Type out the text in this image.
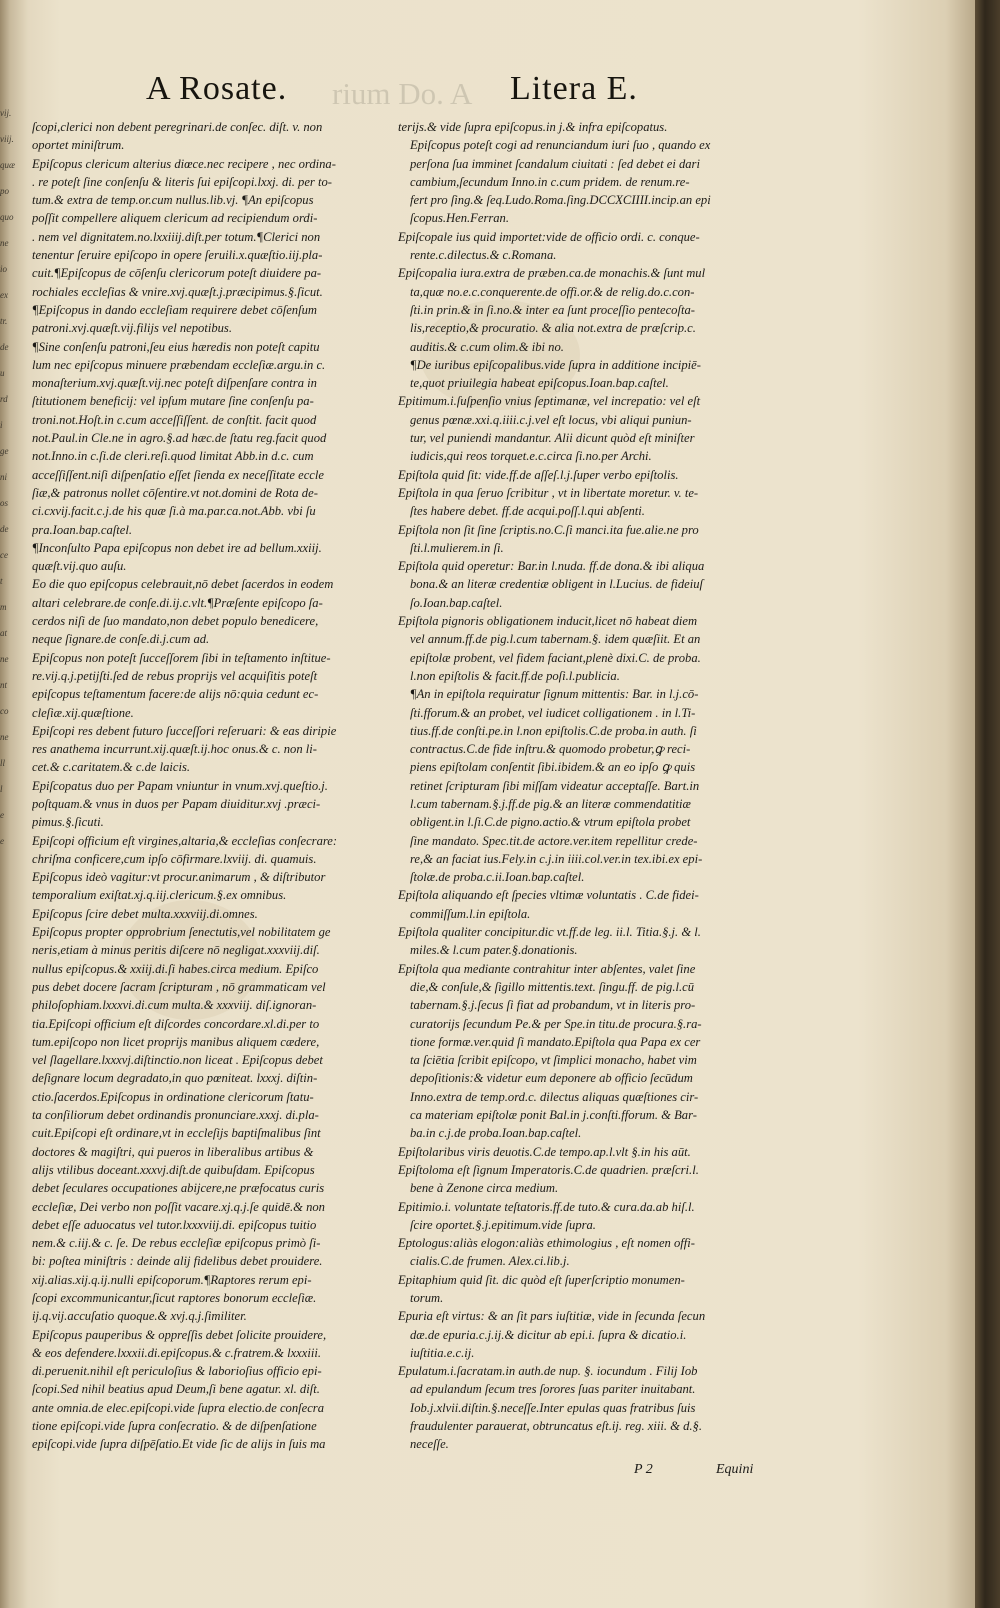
vij.
viij.
quæ
po
quo
ne
io
ex
tr.
de
u
rd
i
ge
ni
os
de
ce
t
m
at
ne
nt
co
ne
ll
l
e
e
A Rosate. rium Do. A Litera E.
ſcopi,clerici non debent peregrinari.de conſec. diſt. v. non
oportet miniſtrum.
Epiſcopus clericum alterius diœce.nec recipere , nec ordina-
. re poteſt ſine conſenſu & literis ſui epiſcopi.lxxj. di. per to-
tum.& extra de temp.or.cum nullus.lib.vj. ¶An epiſcopus
poſſit compellere aliquem clericum ad recipiendum ordi-
. nem vel dignitatem.no.lxxiiij.diſt.per totum.¶Clerici non
tenentur ſeruire epiſcopo in opere ſeruili.x.quæſtio.iij.pla-
cuit.¶Epiſcopus de cōſenſu clericorum poteſt diuidere pa-
rochiales eccleſias & vnire.xvj.quæſt.j.præcipimus.§.ſicut.
¶Epiſcopus in dando eccleſiam requirere debet cōſenſum
patroni.xvj.quæſt.vij.filijs vel nepotibus.
¶Sine conſenſu patroni,ſeu eius hæredis non poteſt capitu
lum nec epiſcopus minuere præbendam eccleſiæ.argu.in c.
monaſterium.xvj.quæſt.vij.nec poteſt diſpenſare contra in
ſtitutionem beneficij: vel ipſum mutare ſine conſenſu pa-
troni.not.Hoſt.in c.cum acceſſiſſent. de conſtit. facit quod
not.Paul.in Cle.ne in agro.§.ad hæc.de ſtatu reg.facit quod
not.Inno.in c.ſi.de cleri.reſi.quod limitat Abb.in d.c. cum
acceſſiſſent.niſi diſpenſatio eſſet ſienda ex neceſſitate eccle
ſiæ,& patronus nollet cōſentire.vt not.domini de Rota de-
ci.cxvij.facit.c.j.de his quæ ſi.à ma.par.ca.not.Abb. vbi ſu
pra.Ioan.bap.caſtel.
¶Inconſulto Papa epiſcopus non debet ire ad bellum.xxiij.
quæſt.vij.quo auſu.
Eo die quo epiſcopus celebrauit,nō debet ſacerdos in eodem
altari celebrare.de conſe.di.ij.c.vlt.¶Præſente epiſcopo ſa-
cerdos niſi de ſuo mandato,non debet populo benedicere,
neque ſignare.de conſe.di.j.cum ad.
Epiſcopus non poteſt ſucceſſorem ſibi in teſtamento inſtitue-
re.vij.q.j.petijſti.ſed de rebus proprijs vel acquiſitis poteſt
epiſcopus teſtamentum facere:de alijs nō:quia cedunt ec-
cleſiæ.xij.quæſtione.
Epiſcopi res debent futuro ſucceſſori reſeruari: & eas diripie
res anathema incurrunt.xij.quæſt.ij.hoc onus.& c. non li-
cet.& c.caritatem.& c.de laicis.
Epiſcopatus duo per Papam vniuntur in vnum.xvj.queſtio.j.
poſtquam.& vnus in duos per Papam diuiditur.xvj .præci-
pimus.§.ſicuti.
Epiſcopi officium eſt virgines,altaria,& eccleſias conſecrare:
chriſma conficere,cum ipſo cōfirmare.lxviij. di. quamuis.
Epiſcopus ideò vagitur:vt procur.animarum , & diſtributor
temporalium exiſtat.xj.q.iij.clericum.§.ex omnibus.
Epiſcopus ſcire debet multa.xxxviij.di.omnes.
Epiſcopus propter opprobrium ſenectutis,vel nobilitatem ge
neris,etiam à minus peritis diſcere nō negligat.xxxviij.diſ.
nullus epiſcopus.& xxiij.di.ſi habes.circa medium. Epiſco
pus debet docere ſacram ſcripturam , nō grammaticam vel
philoſophiam.lxxxvi.di.cum multa.& xxxviij. diſ.ignoran-
tia.Epiſcopi officium eſt diſcordes concordare.xl.di.per to
tum.epiſcopo non licet proprijs manibus aliquem cædere,
vel ſlagellare.lxxxvj.diſtinctio.non liceat . Epiſcopus debet
deſignare locum degradato,in quo pœniteat. lxxxj. diſtin-
ctio.ſacerdos.Epiſcopus in ordinatione clericorum ſtatu-
ta conſiliorum debet ordinandis pronunciare.xxxj. di.pla-
cuit.Epiſcopi eſt ordinare,vt in eccleſijs baptiſmalibus ſint
doctores & magiſtri, qui pueros in liberalibus artibus &
alijs vtilibus doceant.xxxvj.diſt.de quibuſdam. Epiſcopus
debet ſeculares occupationes abijcere,ne præfocatus curis
eccleſiæ, Dei verbo non poſſit vacare.xj.q.j.ſe quidē.& non
debet eſſe aduocatus vel tutor.lxxxviij.di. epiſcopus tuitio
nem.& c.iij.& c. ſe. De rebus eccleſiæ epiſcopus primò ſi-
bi: poſtea miniſtris : deinde alij fidelibus debet prouidere.
xij.alias.xij.q.ij.nulli epiſcoporum.¶Raptores rerum epi-
ſcopi excommunicantur,ſicut raptores bonorum eccleſiæ.
ij.q.vij.accuſatio quoque.& xvj.q.j.ſimiliter.
Epiſcopus pauperibus & oppreſſis debet ſolicite prouidere,
& eos defendere.lxxxii.di.epiſcopus.& c.fratrem.& lxxxiii.
di.peruenit.nihil eſt periculoſius & laborioſius officio epi-
ſcopi.Sed nihil beatius apud Deum,ſi bene agatur. xl. diſt.
ante omnia.de elec.epiſcopi.vide ſupra electio.de conſecra
tione epiſcopi.vide ſupra conſecratio. & de diſpenſatione
epiſcopi.vide ſupra diſpēſatio.Et vide ſic de alijs in ſuis ma
terijs.& vide ſupra epiſcopus.in j.& infra epiſcopatus.
Epiſcopus poteſt cogi ad renunciandum iuri ſuo , quando ex
perſona ſua imminet ſcandalum ciuitati : ſed debet ei dari
cambium,ſecundum Inno.in c.cum pridem. de renum.re-
fert pro ſing.& ſeq.Ludo.Roma.ſing.DCCXCIIII.incip.an epi
ſcopus.Hen.Ferran.
Epiſcopale ius quid importet:vide de officio ordi. c. conque-
rente.c.dilectus.& c.Romana.
Epiſcopalia iura.extra de præben.ca.de monachis.& ſunt mul
ta,quæ no.e.c.conquerente.de offi.or.& de relig.do.c.con-
ſti.in prin.& in ſi.no.& inter ea ſunt proceſſio pentecoſta-
lis,receptio,& procuratio. & alia not.extra de præſcrip.c.
auditis.& c.cum olim.& ibi no.
¶De iuribus epiſcopalibus.vide ſupra in additione incipiē-
te,quot priuilegia habeat epiſcopus.Ioan.bap.caſtel.
Epitimum.i.ſuſpenſio vnius ſeptimanæ, vel increpatio: vel eſt
genus pœnæ.xxi.q.iiii.c.j.vel eſt locus, vbi aliqui puniun-
tur, vel puniendi mandantur. Alii dicunt quòd eſt miniſter
iudicis,qui reos torquet.e.c.circa ſi.no.per Archi.
Epiſtola quid ſit: vide.ff.de aſſeſ.l.j.ſuper verbo epiſtolis.
Epiſtola in qua ſeruo ſcribitur , vt in libertate moretur. v. te-
ſtes habere debet. ff.de acqui.poſſ.l.qui abſenti.
Epiſtola non ſit ſine ſcriptis.no.C.ſi manci.ita fue.alie.ne pro
ſti.l.mulierem.in ſi.
Epiſtola quid operetur: Bar.in l.nuda. ff.de dona.& ibi aliqua
bona.& an literæ credentiæ obligent in l.Lucius. de fideiuſ
ſo.Ioan.bap.caſtel.
Epiſtola pignoris obligationem inducit,licet nō habeat diem
vel annum.ff.de pig.l.cum tabernam.§. idem quæſiit. Et an
epiſtolæ probent, vel fidem faciant,plenè dixi.C. de proba.
l.non epiſtolis & facit.ff.de poſi.l.publicia.
¶An in epiſtola requiratur ſignum mittentis: Bar. in l.j.cō-
ſti.fforum.& an probet, vel iudicet colligationem . in l.Ti-
tius.ff.de conſti.pe.in l.non epiſtolis.C.de proba.in auth. ſi
contractus.C.de fide inſtru.& quomodo probetur,ꝙ reci-
piens epiſtolam conſentit ſibi.ibidem.& an eo ipſo ꝙ quis
retinet ſcripturam ſibi miſſam videatur acceptaſſe. Bart.in
l.cum tabernam.§.j.ff.de pig.& an literæ commendatitiæ
obligent.in l.ſi.C.de pigno.actio.& vtrum epiſtola probet
ſine mandato. Spec.tit.de actore.ver.item repellitur crede-
re,& an faciat ius.Fely.in c.j.in iiii.col.ver.in tex.ibi.ex epi-
ſtolæ.de proba.c.ii.Ioan.bap.caſtel.
Epiſtola aliquando eſt ſpecies vltimæ voluntatis . C.de fidei-
commiſſum.l.in epiſtola.
Epiſtola qualiter concipitur.dic vt.ff.de leg. ii.l. Titia.§.j. & l.
miles.& l.cum pater.§.donationis.
Epiſtola qua mediante contrahitur inter abſentes, valet ſine
die,& conſule,& ſigillo mittentis.text. ſingu.ff. de pig.l.cū
tabernam.§.j.ſecus ſi fiat ad probandum, vt in literis pro-
curatorijs ſecundum Pe.& per Spe.in titu.de procura.§.ra-
tione formæ.ver.quid ſi mandato.Epiſtola qua Papa ex cer
ta ſciētia ſcribit epiſcopo, vt ſimplici monacho, habet vim
depoſitionis:& videtur eum deponere ab officio ſecūdum
Inno.extra de temp.ord.c. dilectus aliquas quæſtiones cir-
ca materiam epiſtolæ ponit Bal.in j.conſti.fforum. & Bar-
ba.in c.j.de proba.Ioan.bap.caſtel.
Epiſtolaribus viris deuotis.C.de tempo.ap.l.vlt §.in his aūt.
Epiſtoloma eſt ſignum Imperatoris.C.de quadrien. præſcri.l.
bene à Zenone circa medium.
Epitimio.i. voluntate teſtatoris.ff.de tuto.& cura.da.ab hiſ.l.
ſcire oportet.§.j.epitimum.vide ſupra.
Eptologus:aliàs elogon:aliàs ethimologius , eſt nomen offi-
cialis.C.de frumen. Alex.ci.lib.j.
Epitaphium quid ſit. dic quòd eſt ſuperſcriptio monumen-
torum.
Epuria eſt virtus: & an ſit pars iuſtitiæ, vide in ſecunda ſecun
dæ.de epuria.c.j.ij.& dicitur ab epi.i. ſupra & dicatio.i.
iuſtitia.e.c.ij.
Epulatum.i.ſacratam.in auth.de nup. §. iocundum . Filij Iob
ad epulandum ſecum tres ſorores ſuas pariter inuitabant.
Iob.j.xlvii.diſtin.§.neceſſe.Inter epulas quas fratribus ſuis
fraudulenter parauerat, obtruncatus eſt.ij. reg. xiii. & d.§.
neceſſe.
P 2	Equini
